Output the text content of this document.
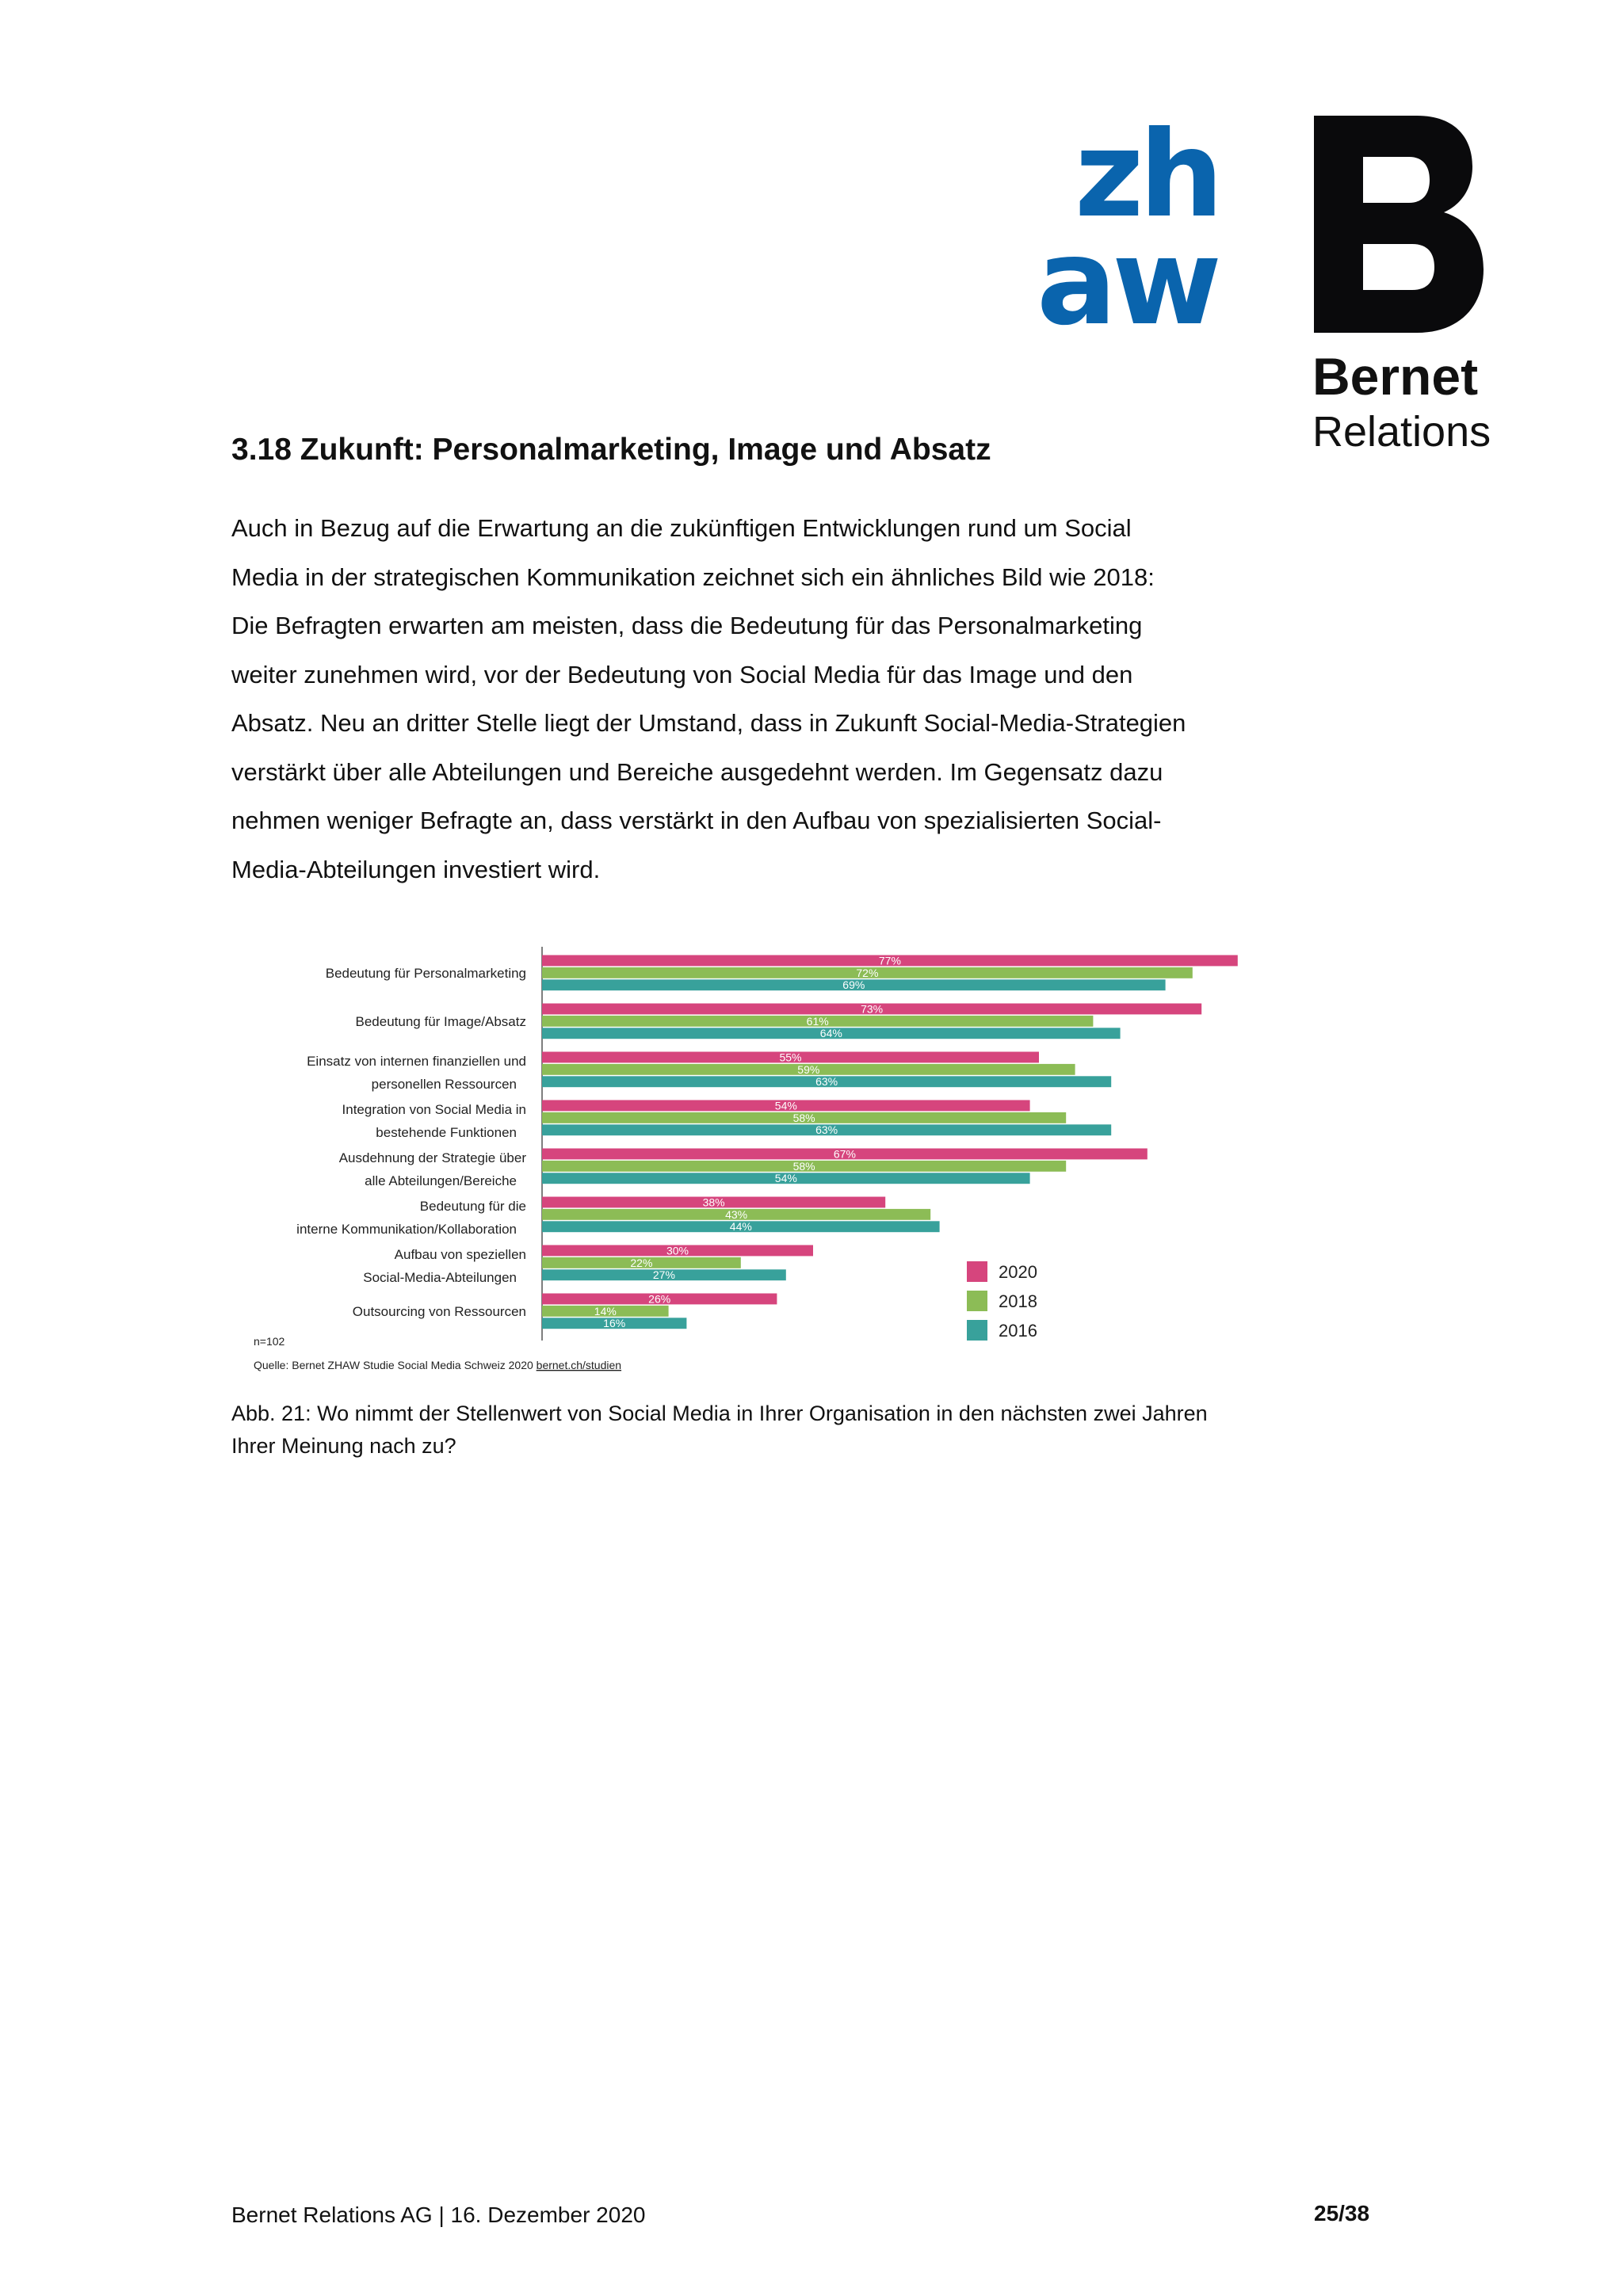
zh
aw
Bernet
Relations
3.18 Zukunft: Personalmarketing, Image und Absatz

Auch in Bezug auf die Erwartung an die zukünftigen Entwicklungen rund um Social
Media in der strategischen Kommunikation zeichnet sich ein ähnliches Bild wie 2018:
Die Befragten erwarten am meisten, dass die Bedeutung für das Personalmarketing
weiter zunehmen wird, vor der Bedeutung von Social Media für das Image und den
Absatz. Neu an dritter Stelle liegt der Umstand, dass in Zukunft Social-Media-Strategien
verstärkt über alle Abteilungen und Bereiche ausgedehnt werden. Im Gegensatz dazu
nehmen weniger Befragte an, dass verstärkt in den Aufbau von spezialisierten Social-
Media-Abteilungen investiert wird.

77%
72%
69%
Bedeutung für Personalmarketing
73%
61%
64%
Bedeutung für Image/Absatz
55%
59%
63%
Einsatz von internen finanziellen und
personellen Ressourcen
54%
58%
63%
Integration von Social Media in
bestehende Funktionen
67%
58%
54%
Ausdehnung der Strategie über
alle Abteilungen/Bereiche
38%
43%
44%
Bedeutung für die
interne Kommunikation/Kollaboration
30%
22%
27%
Aufbau von speziellen
Social-Media-Abteilungen
26%
14%
16%
Outsourcing von Ressourcen
2020
2018
2016
n=102
Quelle: Bernet ZHAW Studie Social Media Schweiz 2020 bernet.ch/studien

Abb. 21: Wo nimmt der Stellenwert von Social Media in Ihrer Organisation in den nächsten zwei Jahren
Ihrer Meinung nach zu?

Bernet Relations AG | 16. Dezember 2020	25/38
